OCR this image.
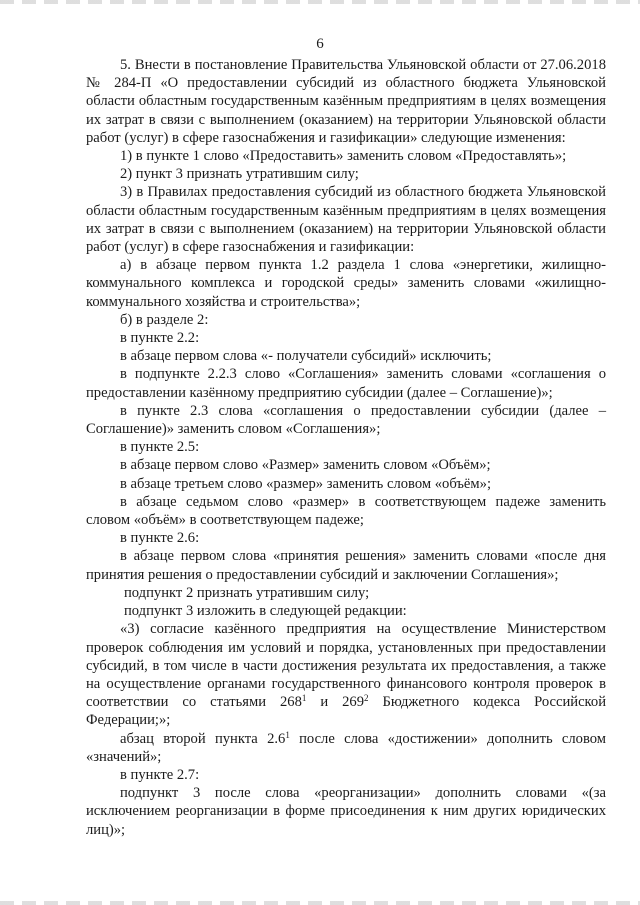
6

5. Внести в постановление Правительства Ульяновской области от 27.06.2018 № 284-П «О предоставлении субсидий из областного бюджета Ульяновской области областным государственным казённым предприятиям в целях возмещения их затрат в связи с выполнением (оказанием) на территории Ульяновской области работ (услуг) в сфере газоснабжения и газификации» следующие изменения:

1) в пункте 1 слово «Предоставить» заменить словом «Предоставлять»;

2) пункт 3 признать утратившим силу;

3) в Правилах предоставления субсидий из областного бюджета Ульяновской области областным государственным казённым предприятиям в целях возмещения их затрат в связи с выполнением (оказанием) на территории Ульяновской области работ (услуг) в сфере газоснабжения и газификации:

а) в абзаце первом пункта 1.2 раздела 1 слова «энергетики, жилищно-коммунального комплекса и городской среды» заменить словами «жилищно-коммунального хозяйства и строительства»;

б) в разделе 2:

в пункте 2.2:

в абзаце первом слова «- получатели субсидий» исключить;

в подпункте 2.2.3 слово «Соглашения» заменить словами «соглашения о предоставлении казённому предприятию субсидии (далее – Соглашение)»;

в пункте 2.3 слова «соглашения о предоставлении субсидии (далее – Соглашение)» заменить словом «Соглашения»;

в пункте 2.5:

в абзаце первом слово «Размер» заменить словом «Объём»;

в абзаце третьем слово «размер» заменить словом «объём»;

в абзаце седьмом слово «размер» в соответствующем падеже заменить словом «объём» в соответствующем падеже;

в пункте 2.6:

в абзаце первом слова «принятия решения» заменить словами «после дня принятия решения о предоставлении субсидий и заключении Соглашения»;

подпункт 2 признать утратившим силу;

подпункт 3 изложить в следующей редакции:

«3) согласие казённого предприятия на осуществление Министерством проверок соблюдения им условий и порядка, установленных при предоставлении субсидий, в том числе в части достижения результата их предоставления, а также на осуществление органами государственного финансового контроля проверок в соответствии со статьями $268^1$ и $269^2$ Бюджетного кодекса Российской Федерации;»;

абзац второй пункта $2.6^1$ после слова «достижении» дополнить словом «значений»;

в пункте 2.7:

подпункт 3 после слова «реорганизации» дополнить словами «(за исключением реорганизации в форме присоединения к ним других юридических лиц)»;
